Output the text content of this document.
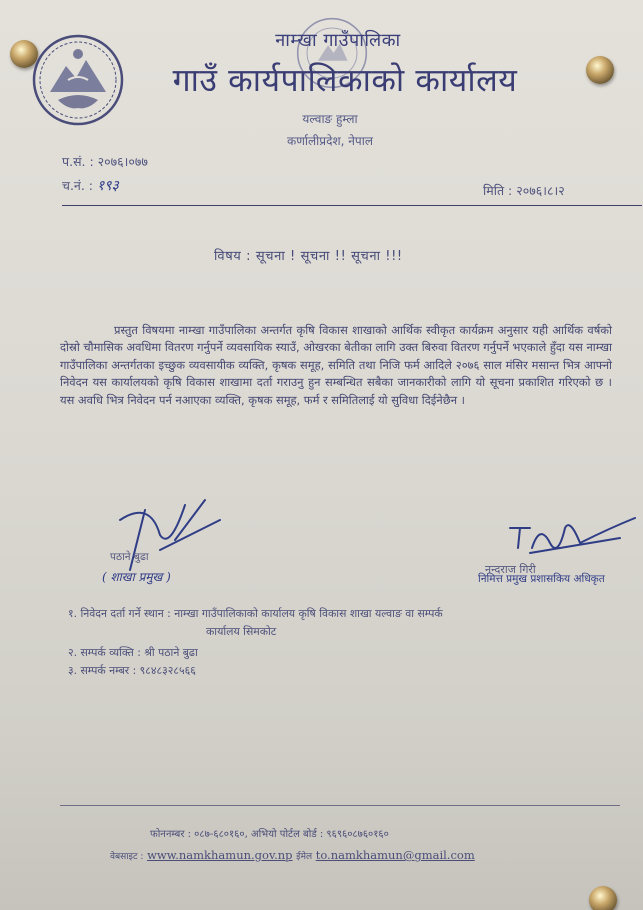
नाम्खा गाउँपालिका
गाउँ कार्यपालिकाको कार्यालय
यल्वाङ हुम्ला
कर्णालीप्रदेश, नेपाल
प.सं. : २०७६।०७७
च.नं. : १९३	मिति : २०७६।८।२
विषय : सूचना ! सूचना !! सूचना !!!
प्रस्तुत विषयमा नाम्खा गाउँपालिका अन्तर्गत कृषि विकास शाखाको आर्थिक स्वीकृत कार्यक्रम अनुसार यही आर्थिक वर्षको दोस्रो चौमासिक अवधिमा वितरण गर्नुपर्ने व्यवसायिक स्याउँ, ओखरका बेतीका लागि उक्त बिरुवा वितरण गर्नुपर्ने भएकाले हुँदा यस नाम्खा गाउँपालिका अन्तर्गतका इच्छुक व्यवसायीक व्यक्ति, कृषक समूह, समिति तथा निजि फर्म आदिले २०७६ साल मंसिर मसान्त भित्र आफ्नो निवेदन यस कार्यालयको कृषि विकास शाखामा दर्ता गराउनु हुन सम्बन्धित सबैका जानकारीको लागि यो सूचना प्रकाशित गरिएको छ । यस अवधि भित्र निवेदन पर्न नआएका व्यक्ति, कृषक समूह, फर्म र समितिलाई यो सुविधा दिईनेछैन ।
पठाने बुढा
( शाखा प्रमुख )
नन्दराज गिरी
निमित्त प्रमुख प्रशासकिय अधिकृत
१. निवेदन दर्ता गर्ने स्थान : नाम्खा गाउँपालिकाको कार्यालय कृषि विकास शाखा यल्वाङ वा सम्पर्क
कार्यालय सिमकोट
२. सम्पर्क व्यक्ति : श्री पठाने बुढा
३. सम्पर्क नम्बर : ९८४८३२८५६६
फोननम्बर : ०८७-६८०१६०, अभियो पोर्टल बोर्ड : ९६९६०८७६०१६०
वेबसाइट : www.namkhamun.gov.np ईमेल to.namkhamun@gmail.com
